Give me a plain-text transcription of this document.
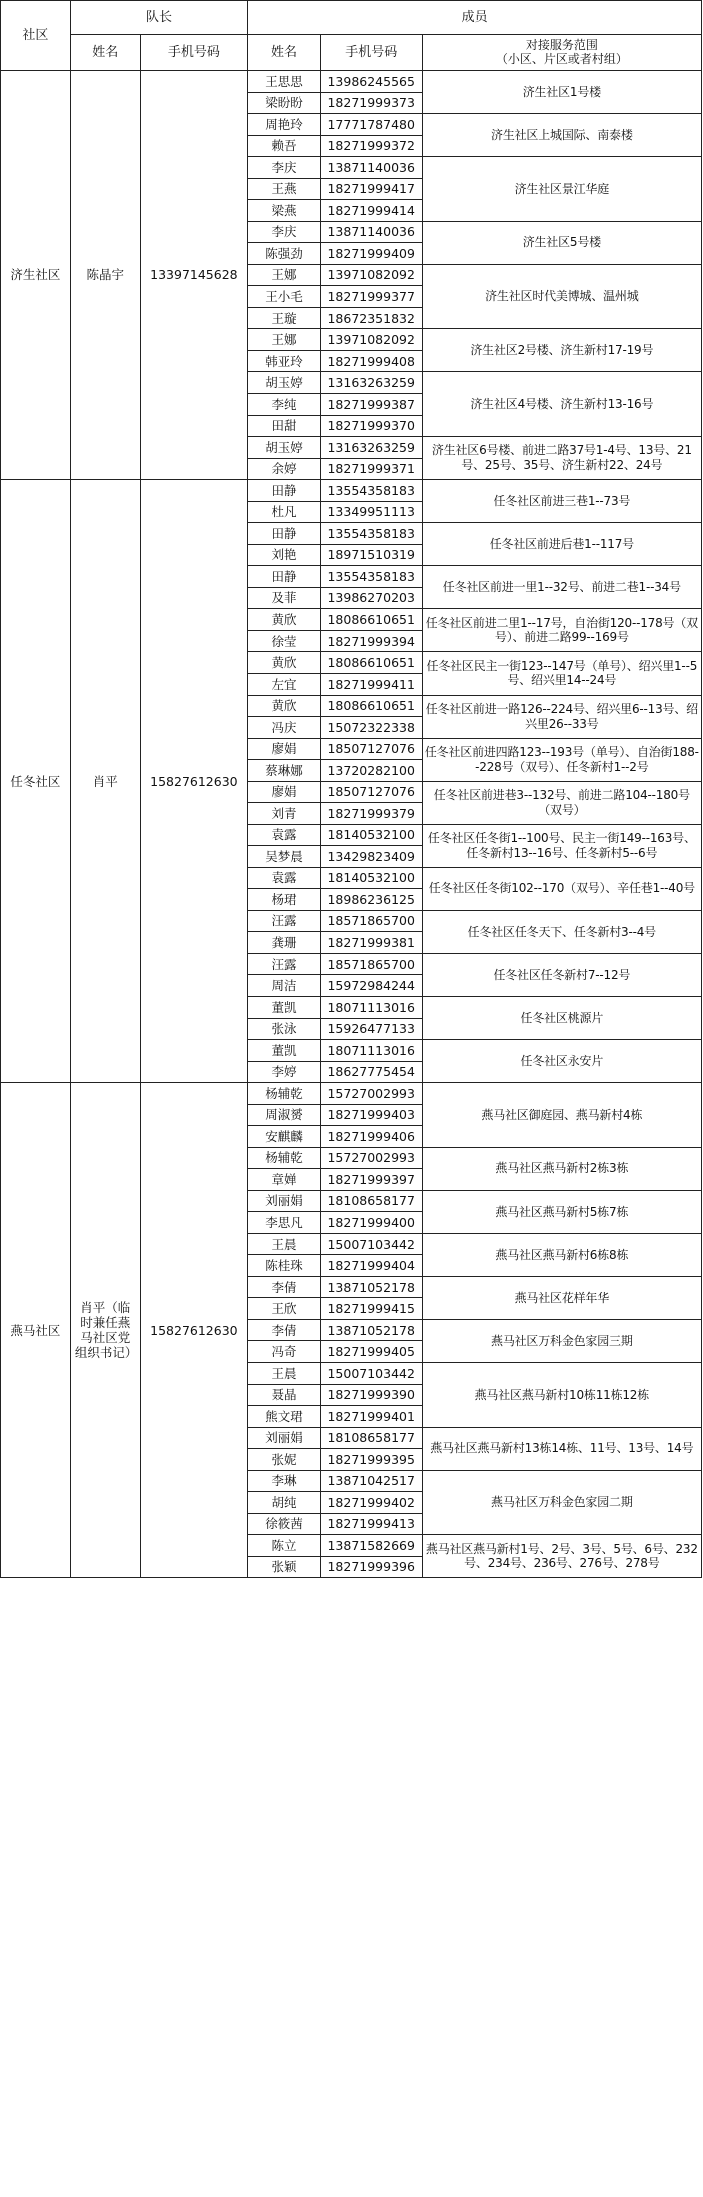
社区	队长		成员		
	姓名	手机号码	姓名	手机号码	对接服务范围
（小区、片区或者村组）
济生社区	陈晶宇	13397145628	王思思	13986245565	济生社区1号楼
			梁盼盼	18271999373	
			周艳玲	17771787480	济生社区上城国际、南泰楼
			赖吾	18271999372	
			李庆	13871140036	济生社区景江华庭
			王燕	18271999417	
			梁燕	18271999414	
			李庆	13871140036	济生社区5号楼
			陈强劲	18271999409	
			王娜	13971082092	济生社区时代美博城、温州城
			王小毛	18271999377	
			王璇	18672351832	
			王娜	13971082092	济生社区2号楼、济生新村17-19号
			韩亚玲	18271999408	
			胡玉婷	13163263259	济生社区4号楼、济生新村13-16号
			李纯	18271999387	
			田甜	18271999370	
			胡玉婷	13163263259	济生社区6号楼、前进二路37号1-4号、13号、21号、25号、35号、济生新村22、24号
			余婷	18271999371	
任冬社区	肖平	15827612630	田静	13554358183	任冬社区前进三巷1--73号
			杜凡	13349951113	
			田静	13554358183	任冬社区前进后巷1--117号
			刘艳	18971510319	
			田静	13554358183	任冬社区前进一里1--32号、前进二巷1--34号
			及菲	13986270203	
			黄欣	18086610651	任冬社区前进二里1--17号，自治街120--178号（双号）、前进二路99--169号
			徐莹	18271999394	
			黄欣	18086610651	任冬社区民主一街123--147号（单号）、绍兴里1--5号、绍兴里14--24号
			左宜	18271999411	
			黄欣	18086610651	任冬社区前进一路126--224号、绍兴里6--13号、绍兴里26--33号
			冯庆	15072322338	
			廖娟	18507127076	任冬社区前进四路123--193号（单号）、自治街188--228号（双号）、任冬新村1--2号
			蔡琳娜	13720282100	
			廖娟	18507127076	任冬社区前进巷3--132号、前进二路104--180号（双号）
			刘青	18271999379	
			袁露	18140532100	任冬社区任冬街1--100号、民主一街149--163号、任冬新村13--16号、任冬新村5--6号
			吴梦晨	13429823409	
			袁露	18140532100	任冬社区任冬街102--170（双号）、辛任巷1--40号
			杨珺	18986236125	
			汪露	18571865700	任冬社区任冬天下、任冬新村3--4号
			龚珊	18271999381	
			汪露	18571865700	任冬社区任冬新村7--12号
			周洁	15972984244	
			董凯	18071113016	任冬社区桃源片
			张泳	15926477133	
			董凯	18071113016	任冬社区永安片
			李婷	18627775454	
燕马社区	肖平（临时兼任燕马社区党组织书记）	15827612630	杨辅乾	15727002993	燕马社区御庭园、燕马新村4栋
			周淑赟	18271999403	
			安麒麟	18271999406	
			杨辅乾	15727002993	燕马社区燕马新村2栋3栋
			章婵	18271999397	
			刘丽娟	18108658177	燕马社区燕马新村5栋7栋
			李思凡	18271999400	
			王晨	15007103442	燕马社区燕马新村6栋8栋
			陈桂珠	18271999404	
			李倩	13871052178	燕马社区花样年华
			王欣	18271999415	
			李倩	13871052178	燕马社区万科金色家园三期
			冯奇	18271999405	
			王晨	15007103442	燕马社区燕马新村10栋11栋12栋
			聂晶	18271999390	
			熊文珺	18271999401	
			刘丽娟	18108658177	燕马社区燕马新村13栋14栋、11号、13号、14号
			张妮	18271999395	
			李琳	13871042517	燕马社区万科金色家园二期
			胡纯	18271999402	
			徐筱茜	18271999413	
			陈立	13871582669	燕马社区燕马新村1号、2号、3号、5号、6号、232号、234号、236号、276号、278号
			张颖	18271999396	
